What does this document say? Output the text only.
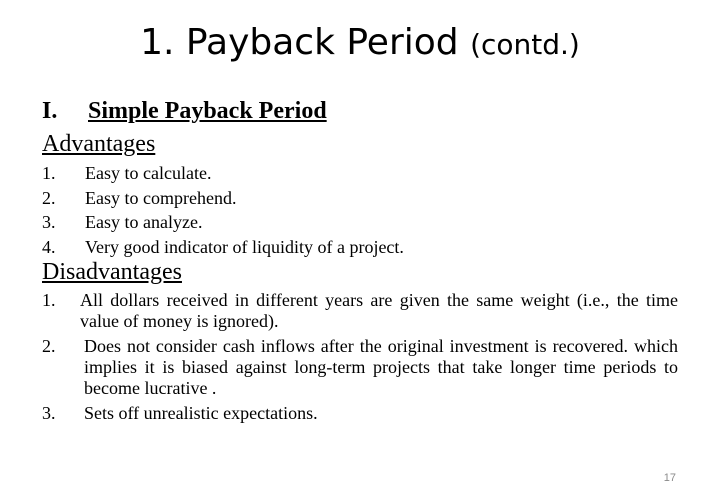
1. Payback Period (contd.)
I. Simple Payback Period
Advantages
1. Easy to calculate.
2. Easy to comprehend.
3. Easy to analyze.
4. Very good indicator of liquidity of a project.
Disadvantages
1. All dollars received in different years are given the same weight (i.e., the time value of money is ignored).
2. Does not consider cash inflows after the original investment is recovered. which implies it is biased against long-term projects that take longer time periods to become lucrative .
3. Sets off unrealistic expectations.
17
